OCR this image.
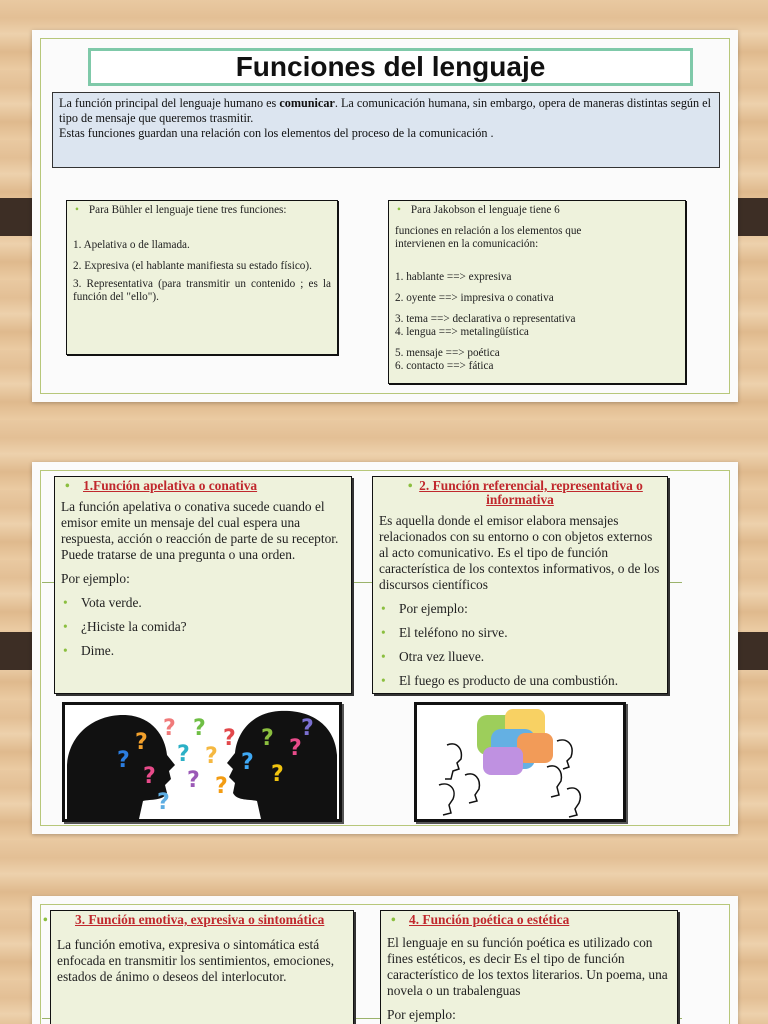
Funciones del lenguaje

La función principal del lenguaje humano es comunicar. La comunicación humana, sin embargo, opera de maneras distintas según el tipo de mensaje que queremos trasmitir.

Estas funciones guardan una relación con los elementos del proceso de la comunicación .

• Para Bühler el lenguaje tiene tres funciones:
1. Apelativa o de llamada.
2. Expresiva (el hablante manifiesta su estado físico).
3. Representativa (para transmitir un contenido ; es la función del "ello").
• Para Jakobson el lenguaje tiene 6
funciones en relación a los elementos que intervienen en la comunicación:
1. hablante ==> expresiva
2. oyente ==> impresiva o conativa
3. tema ==> declarativa o representativa
4. lengua ==> metalingüística
5. mensaje ==> poética
6. contacto ==> fática
• 1.Función apelativa o conativa
La función apelativa o conativa sucede cuando el emisor emite un mensaje del cual espera una respuesta, acción o reacción de parte de su receptor. Puede tratarse de una pregunta o una orden.
Por ejemplo:
• Vota verde.
• ¿Hiciste la comida?
• Dime.
• 2. Función referencial, representativa o informativa
Es aquella donde el emisor elabora mensajes relacionados con su entorno o con objetos externos al acto comunicativo. Es el tipo de función característica de los contextos informativos, o de los discursos científicos
• Por ejemplo:
• El teléfono no sirve.
• Otra vez llueve.
• El fuego es producto de una combustión.
?
?
?
?
?
?
?
?
?
?
?
?
?
?
?
?
• 3. Función emotiva, expresiva o sintomática
La función emotiva, expresiva o sintomática está enfocada en transmitir los sentimientos, emociones, estados de ánimo o deseos del interlocutor.
• 4. Función poética o estética
El lenguaje en su función poética es utilizado con fines estéticos, es decir Es el tipo de función característico de los textos literarios. Un poema, una novela o un trabalenguas
Por ejemplo:
